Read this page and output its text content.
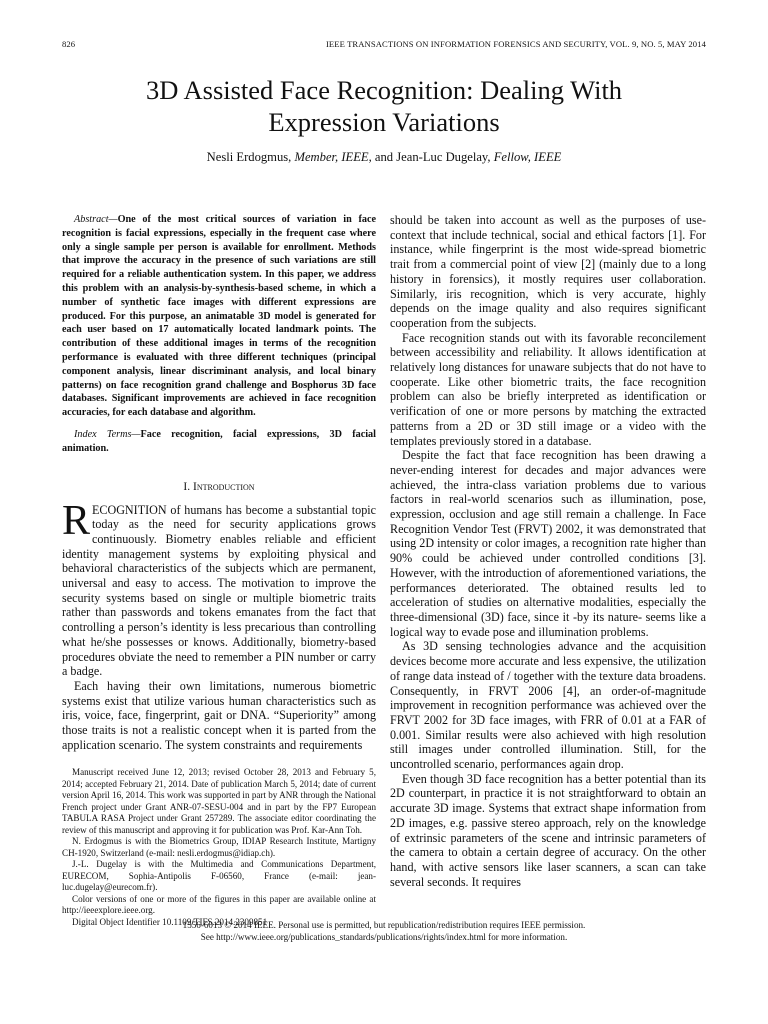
826	IEEE TRANSACTIONS ON INFORMATION FORENSICS AND SECURITY, VOL. 9, NO. 5, MAY 2014
3D Assisted Face Recognition: Dealing With
Expression Variations
Nesli Erdogmus, Member, IEEE, and Jean-Luc Dugelay, Fellow, IEEE

Abstract—One of the most critical sources of variation in face recognition is facial expressions, especially in the frequent case where only a single sample per person is available for enrollment. Methods that improve the accuracy in the presence of such variations are still required for a reliable authentication system. In this paper, we address this problem with an analysis-by-synthesis-based scheme, in which a number of synthetic face images with different expressions are produced. For this purpose, an animatable 3D model is generated for each user based on 17 automatically located landmark points. The contribution of these additional images in terms of the recognition performance is evaluated with three different techniques (principal component analysis, linear discriminant analysis, and local binary patterns) on face recognition grand challenge and Bosphorus 3D face databases. Significant improvements are achieved in face recognition accuracies, for each database and algorithm.

Index Terms—Face recognition, facial expressions, 3D facial animation.

I. Introduction

RECOGNITION of humans has become a substantial topic today as the need for security applications grows continuously. Biometry enables reliable and efficient identity management systems by exploiting physical and behavioral characteristics of the subjects which are permanent, universal and easy to access. The motivation to improve the security systems based on single or multiple biometric traits rather than passwords and tokens emanates from the fact that controlling a person’s identity is less precarious than controlling what he/she possesses or knows. Additionally, biometry-based procedures obviate the need to remember a PIN number or carry a badge.

Each having their own limitations, numerous biometric systems exist that utilize various human characteristics such as iris, voice, face, fingerprint, gait or DNA. “Superiority” among those traits is not a realistic concept when it is parted from the application scenario. The system constraints and requirements

should be taken into account as well as the purposes of use-context that include technical, social and ethical factors [1]. For instance, while fingerprint is the most wide-spread biometric trait from a commercial point of view [2] (mainly due to a long history in forensics), it mostly requires user collaboration. Similarly, iris recognition, which is very accurate, highly depends on the image quality and also requires significant cooperation from the subjects.

Face recognition stands out with its favorable reconcilement between accessibility and reliability. It allows identification at relatively long distances for unaware subjects that do not have to cooperate. Like other biometric traits, the face recognition problem can also be briefly interpreted as identification or verification of one or more persons by matching the extracted patterns from a 2D or 3D still image or a video with the templates previously stored in a database.

Despite the fact that face recognition has been drawing a never-ending interest for decades and major advances were achieved, the intra-class variation problems due to various factors in real-world scenarios such as illumination, pose, expression, occlusion and age still remain a challenge. In Face Recognition Vendor Test (FRVT) 2002, it was demonstrated that using 2D intensity or color images, a recognition rate higher than 90% could be achieved under controlled conditions [3]. However, with the introduction of aforementioned variations, the performances deteriorated. The obtained results led to acceleration of studies on alternative modalities, especially the three-dimensional (3D) face, since it -by its nature- seems like a logical way to evade pose and illumination problems.

As 3D sensing technologies advance and the acquisition devices become more accurate and less expensive, the utilization of range data instead of / together with the texture data broadens. Consequently, in FRVT 2006 [4], an order-of-magnitude improvement in recognition performance was achieved over the FRVT 2002 for 3D face images, with FRR of 0.01 at a FAR of 0.001. Similar results were also achieved with high resolution still images under controlled illumination. Still, for the uncontrolled scenario, performances again drop.

Even though 3D face recognition has a better potential than its 2D counterpart, in practice it is not straightforward to obtain an accurate 3D image. Systems that extract shape information from 2D images, e.g. passive stereo approach, rely on the knowledge of extrinsic parameters of the scene and intrinsic parameters of the camera to obtain a certain degree of accuracy. On the other hand, with active sensors like laser scanners, a scan can take several seconds. It requires

Manuscript received June 12, 2013; revised October 28, 2013 and February 5, 2014; accepted February 21, 2014. Date of publication March 5, 2014; date of current version April 16, 2014. This work was supported in part by ANR through the National French project under Grant ANR-07-SESU-004 and in part by the FP7 European TABULA RASA Project under Grant 257289. The associate editor coordinating the review of this manuscript and approving it for publication was Prof. Kar-Ann Toh.

N. Erdogmus is with the Biometrics Group, IDIAP Research Institute, Martigny CH-1920, Switzerland (e-mail: nesli.erdogmus@idiap.ch).

J.-L. Dugelay is with the Multimedia and Communications Department, EURECOM, Sophia-Antipolis F-06560, France (e-mail: jean-luc.dugelay@eurecom.fr).

Color versions of one or more of the figures in this paper are available online at http://ieeexplore.ieee.org.

Digital Object Identifier 10.1109/TIFS.2014.2309851

1556-6013 © 2014 IEEE. Personal use is permitted, but republication/redistribution requires IEEE permission.
See http://www.ieee.org/publications_standards/publications/rights/index.html for more information.
